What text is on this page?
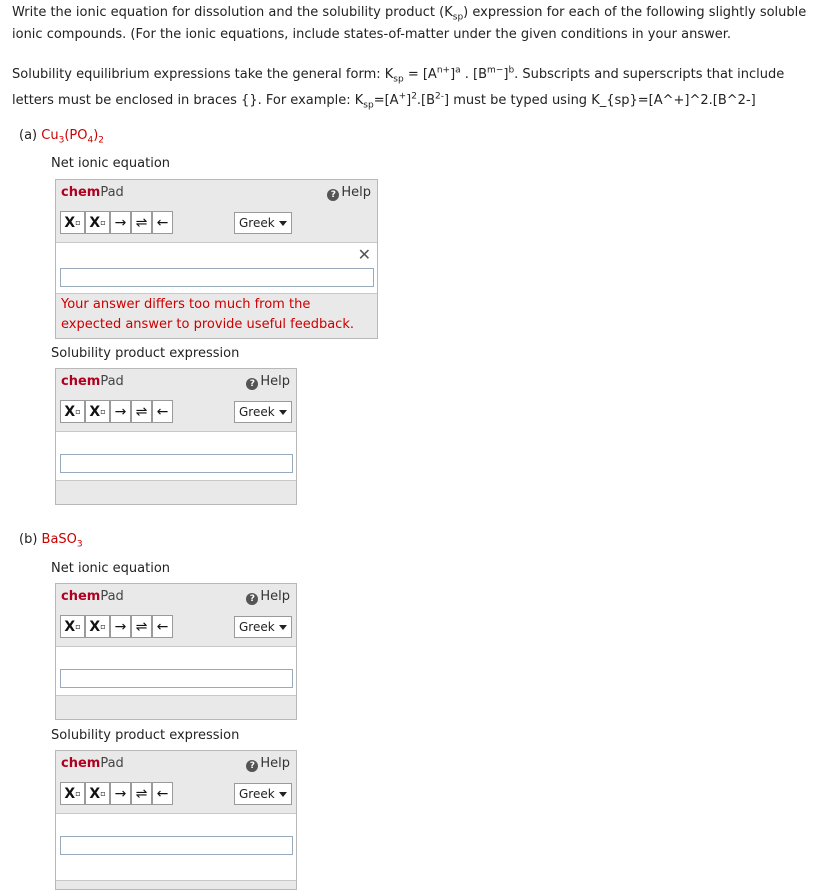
Write the ionic equation for dissolution and the solubility product $(K_{sp})$ expression for each of the following slightly soluble

ionic compounds. (For the ionic equations, include states-of-matter under the given conditions in your answer.

Solubility equilibrium expressions take the general form: $K_{sp} = [A^{n+}]^a$ . $[B^{m-}]^b$. Subscripts and superscripts that include

letters must be enclosed in braces {}. For example: $K_{sp}=[A^+]^2.[B^{2-}]$ must be typed using K_{sp}=[A^+]^2.[B^2-]

(a) $Cu_3(PO_4)_2$
Net ionic equation
chemPad	? Help
X ▫ X ▫ → ⇌ ←	Greek
✕
Your answer differs too much from the
expected answer to provide useful feedback.
Solubility product expression
chemPad	? Help
X ▫ X ▫ → ⇌ ←	Greek
(b) BaSO$_3$
Net ionic equation
chemPad	? Help
X ▫ X ▫ → ⇌ ←	Greek
Solubility product expression
chemPad	? Help
X ▫ X ▫ → ⇌ ←	Greek
